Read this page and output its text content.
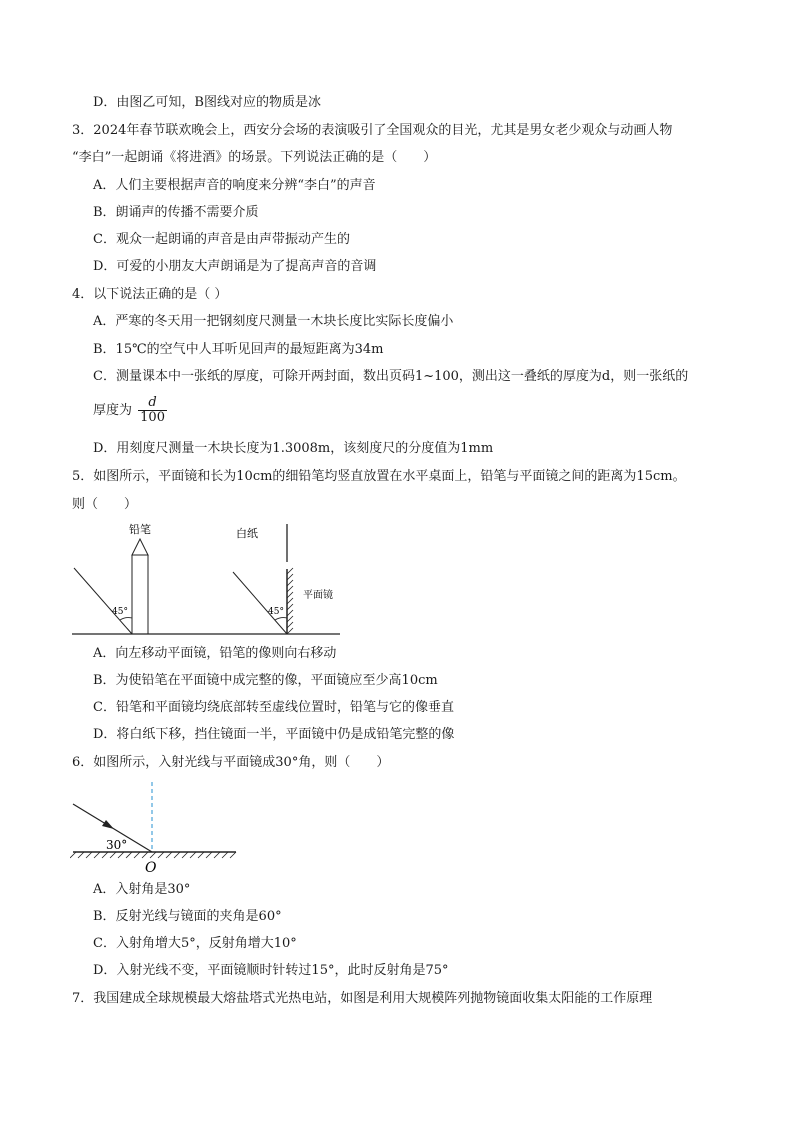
D．由图乙可知，B图线对应的物质是冰
3．2024年春节联欢晚会上，西安分会场的表演吸引了全国观众的目光，尤其是男女老少观众与动画人物
“李白”一起朗诵《将进酒》的场景。下列说法正确的是（　　）
A．人们主要根据声音的响度来分辨“李白”的声音
B．朗诵声的传播不需要介质
C．观众一起朗诵的声音是由声带振动产生的
D．可爱的小朋友大声朗诵是为了提高声音的音调
4．以下说法正确的是（ ）
A．严寒的冬天用一把钢刻度尺测量一木块长度比实际长度偏小
B．15℃的空气中人耳听见回声的最短距离为34m
C．测量课本中一张纸的厚度，可除开两封面，数出页码1~100，测出这一叠纸的厚度为d，则一张纸的
厚度为 $\frac{d}{100}$
D．用刻度尺测量一木块长度为1.3008m，该刻度尺的分度值为1mm
5．如图所示，平面镜和长为10cm的细铅笔均竖直放置在水平桌面上，铅笔与平面镜之间的距离为15cm。
则（　　）
铅笔
45°
白纸
平面镜
45°
A．向左移动平面镜，铅笔的像则向右移动
B．为使铅笔在平面镜中成完整的像，平面镜应至少高10cm
C．铅笔和平面镜均绕底部转至虚线位置时，铅笔与它的像垂直
D．将白纸下移，挡住镜面一半，平面镜中仍是成铅笔完整的像
6．如图所示，入射光线与平面镜成30°角，则（　　）
30°
O
A．入射角是30°
B．反射光线与镜面的夹角是60°
C．入射角增大5°，反射角增大10°
D．入射光线不变，平面镜顺时针转过15°，此时反射角是75°
7．我国建成全球规模最大熔盐塔式光热电站，如图是利用大规模阵列抛物镜面收集太阳能的工作原理
